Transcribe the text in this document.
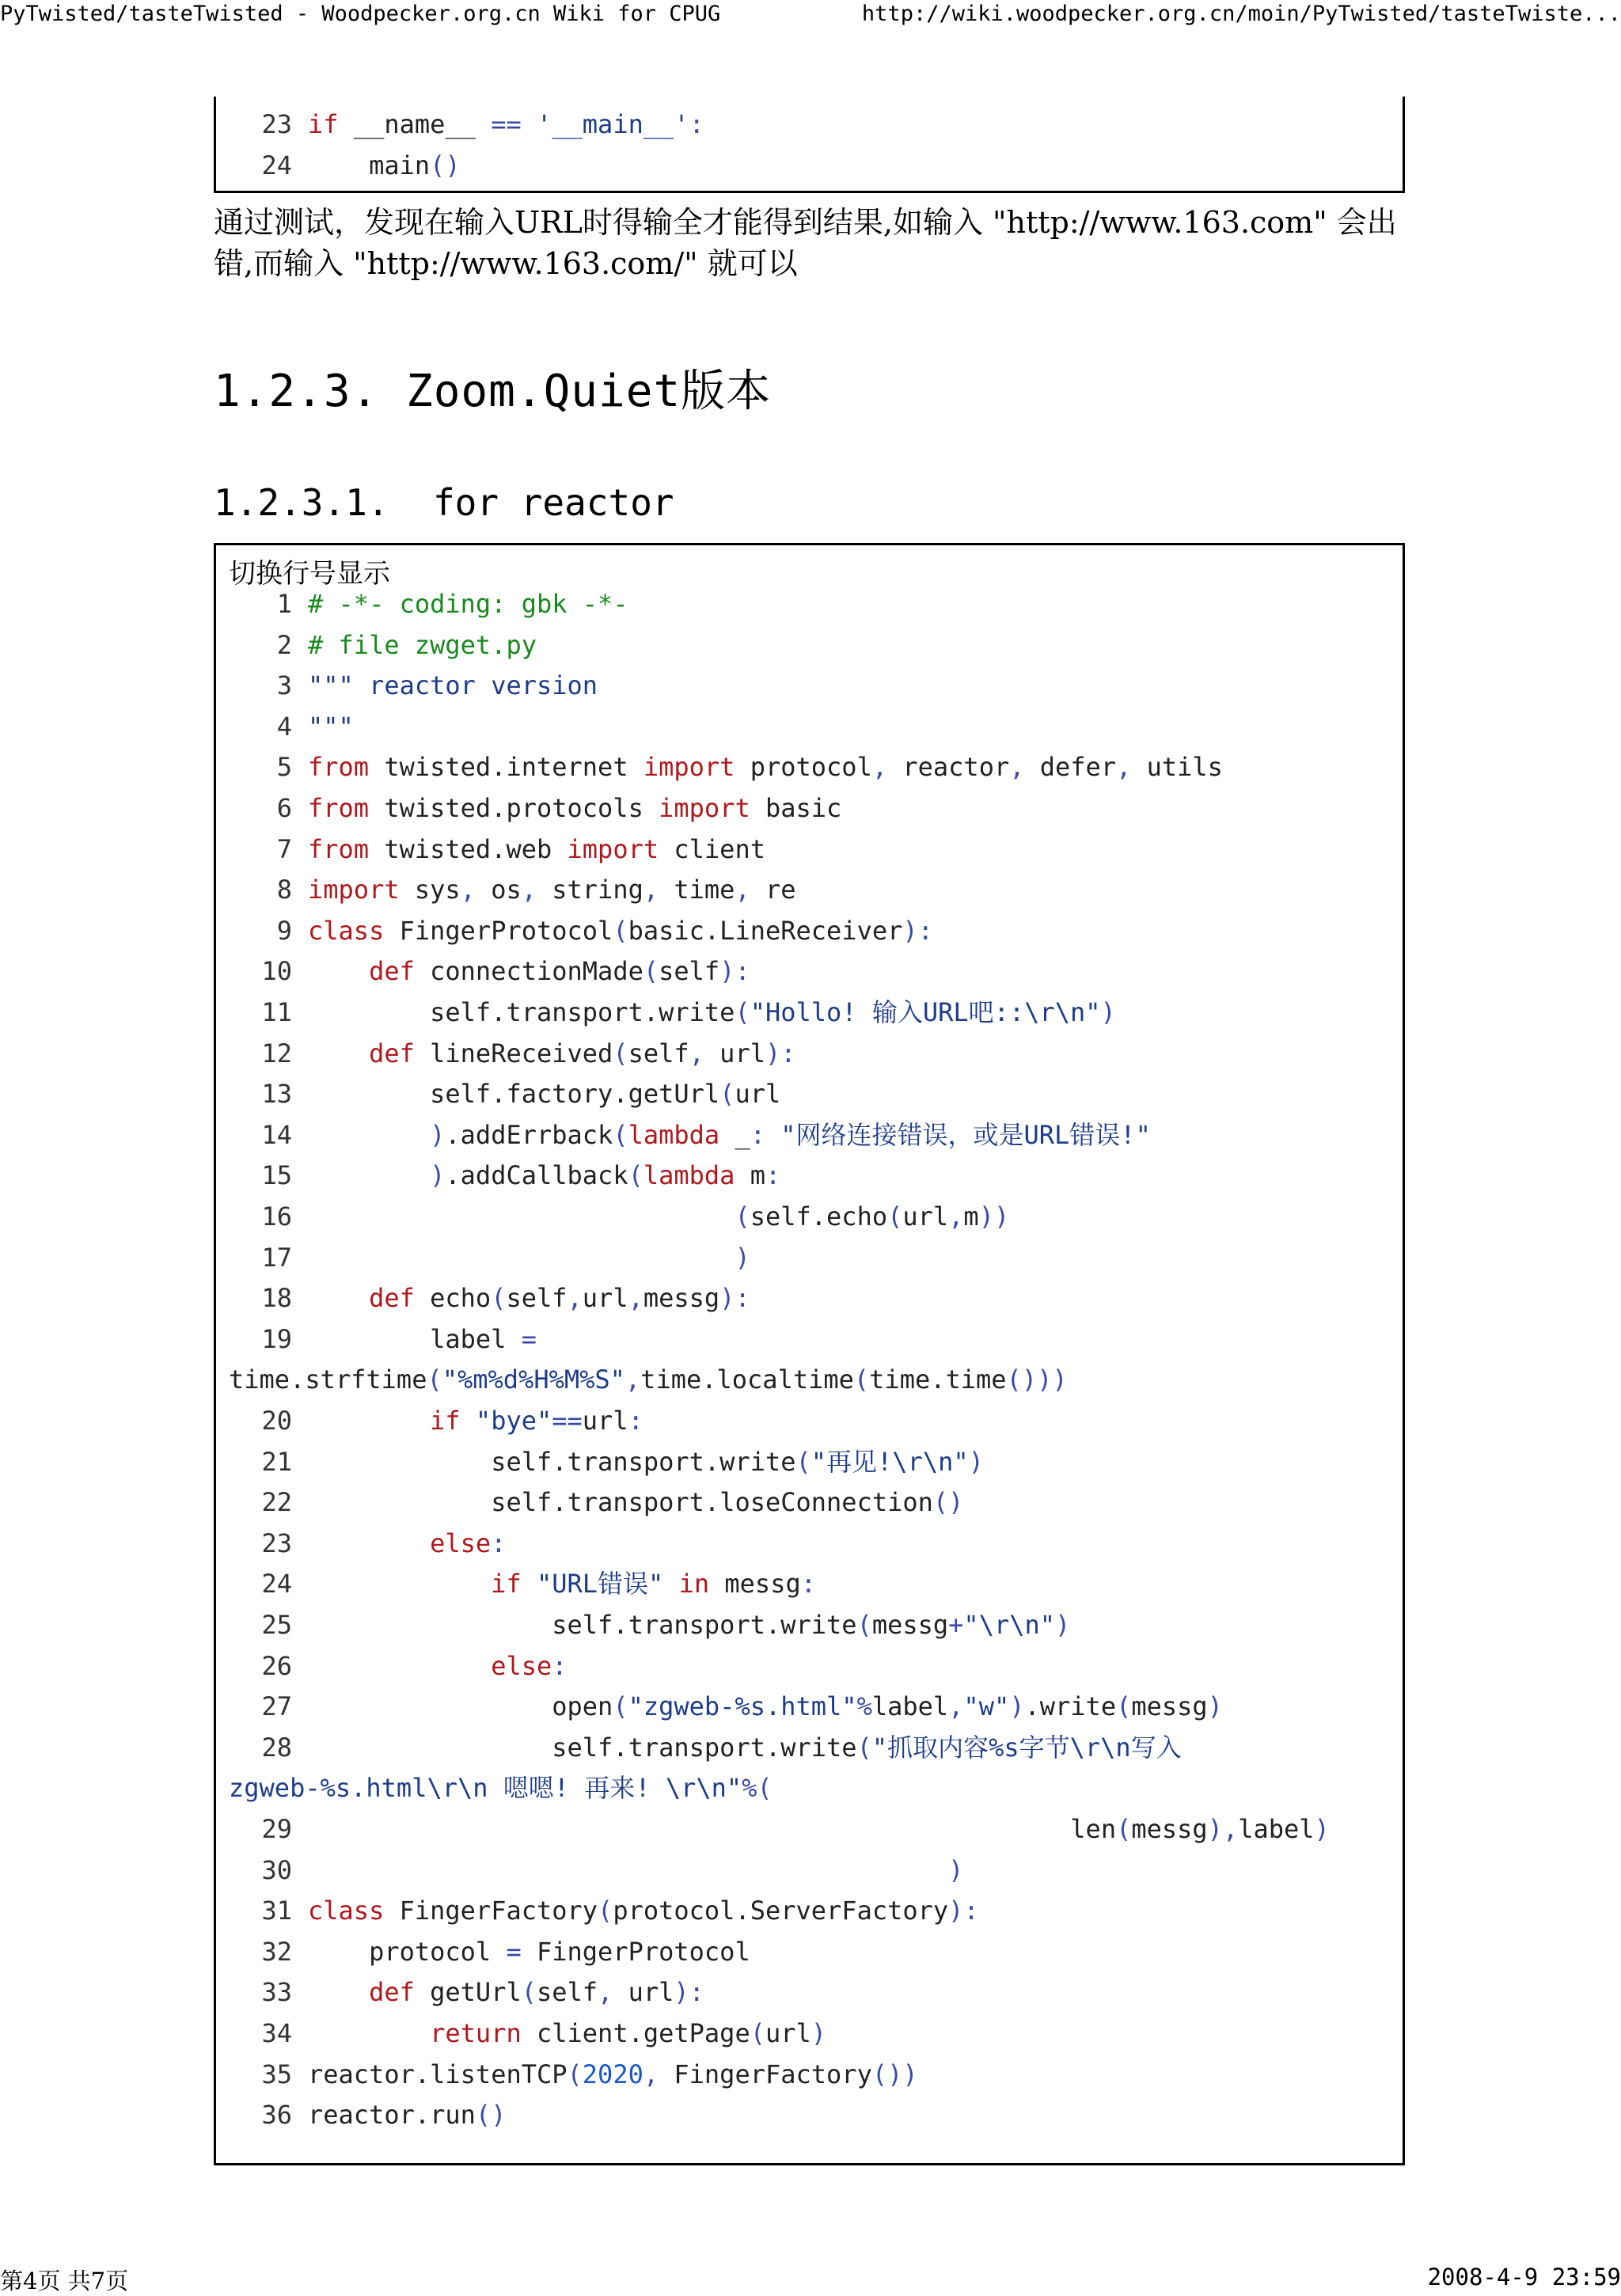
PyTwisted/tasteTwisted - Woodpecker.org.cn Wiki for CPUG	http://wiki.woodpecker.org.cn/moin/PyTwisted/tasteTwiste...
23 if __name__ == '__main__':
24    main()
通过测试，发现在输入URL时得输全才能得到结果,如输入 "http://www.163.com" 会出错,而输入 "http://www.163.com/" 就可以
1.2.3. Zoom.Quiet版本
1.2.3.1.  for reactor
切换行号显示
1 # -*- coding: gbk -*-
2 # file zwget.py
3 """ reactor version
4 """
5 from twisted.internet import protocol, reactor, defer, utils
6 from twisted.protocols import basic
7 from twisted.web import client
8 import sys, os, string, time, re
9 class FingerProtocol(basic.LineReceiver):
10	def connectionMade(self):
11        self.transport.write("Hollo! 输入URL吧::\r\n")
12	def lineReceived(self, url):
13        self.factory.getUrl(url
14	).addErrback(lambda _: "网络连接错误，或是URL错误!"
15	).addCallback(lambda m:
16	(self.echo(url,m))
17	)
18	def echo(self,url,messg):
19        label =
time.strftime("%m%d%H%M%S",time.localtime(time.time()))
20	if "bye"==url:
21            self.transport.write("再见!\r\n")
22            self.transport.loseConnection()
23	else:
24	if "URL错误" in messg:
25                self.transport.write(messg+"\r\n")
26	else:
27                open("zgweb-%s.html"%label,"w").write(messg)
28                self.transport.write("抓取内容%s字节\r\n写入
zgweb-%s.html\r\n 嗯嗯! 再来! \r\n"%(
29                                                  len(messg),label)
30	)
31 class FingerFactory(protocol.ServerFactory):
32    protocol = FingerProtocol
33	def getUrl(self, url):
34	return client.getPage(url)
35 reactor.listenTCP(2020, FingerFactory())
36 reactor.run()
第4页 共7页	2008-4-9 23:59
